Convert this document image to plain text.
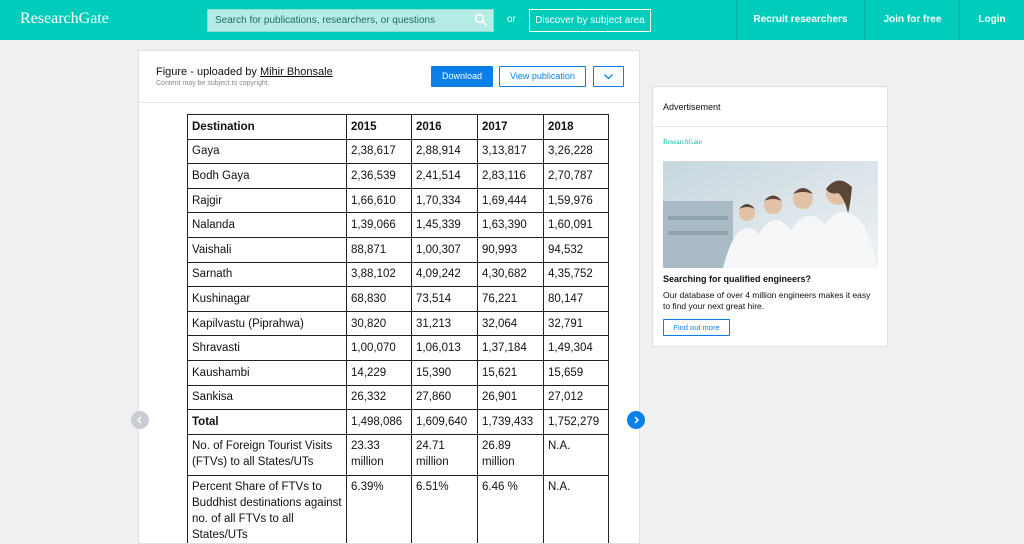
ResearchGate	Search for publications, researchers, or questions	or	Discover by subject area	Recruit researchers	Join for free	Login
Figure - uploaded by Mihir Bhonsale
Content may be subject to copyright.
Download	View publication
Destination	2015	2016	2017	2018
Gaya	2,38,617	2,88,914	3,13,817	3,26,228
Bodh Gaya	2,36,539	2,41,514	2,83,116	2,70,787
Rajgir	1,66,610	1,70,334	1,69,444	1,59,976
Nalanda	1,39,066	1,45,339	1,63,390	1,60,091
Vaishali	88,871	1,00,307	90,993	94,532
Sarnath	3,88,102	4,09,242	4,30,682	4,35,752
Kushinagar	68,830	73,514	76,221	80,147
Kapilvastu (Piprahwa)	30,820	31,213	32,064	32,791
Shravasti	1,00,070	1,06,013	1,37,184	1,49,304
Kaushambi	14,229	15,390	15,621	15,659
Sankisa	26,332	27,860	26,901	27,012
Total	1,498,086	1,609,640	1,739,433	1,752,279
No. of Foreign Tourist Visits (FTVs) to all States/UTs	23.33 million	24.71 million	26.89 million	N.A.
Percent Share of FTVs to Buddhist destinations against no. of all FTVs to all States/UTs	6.39%	6.51%	6.46 %	N.A.
Advertisement
ResearchGate
Searching for qualified engineers?
Our database of over 4 million engineers makes it easy to find your next great hire.
Find out more
